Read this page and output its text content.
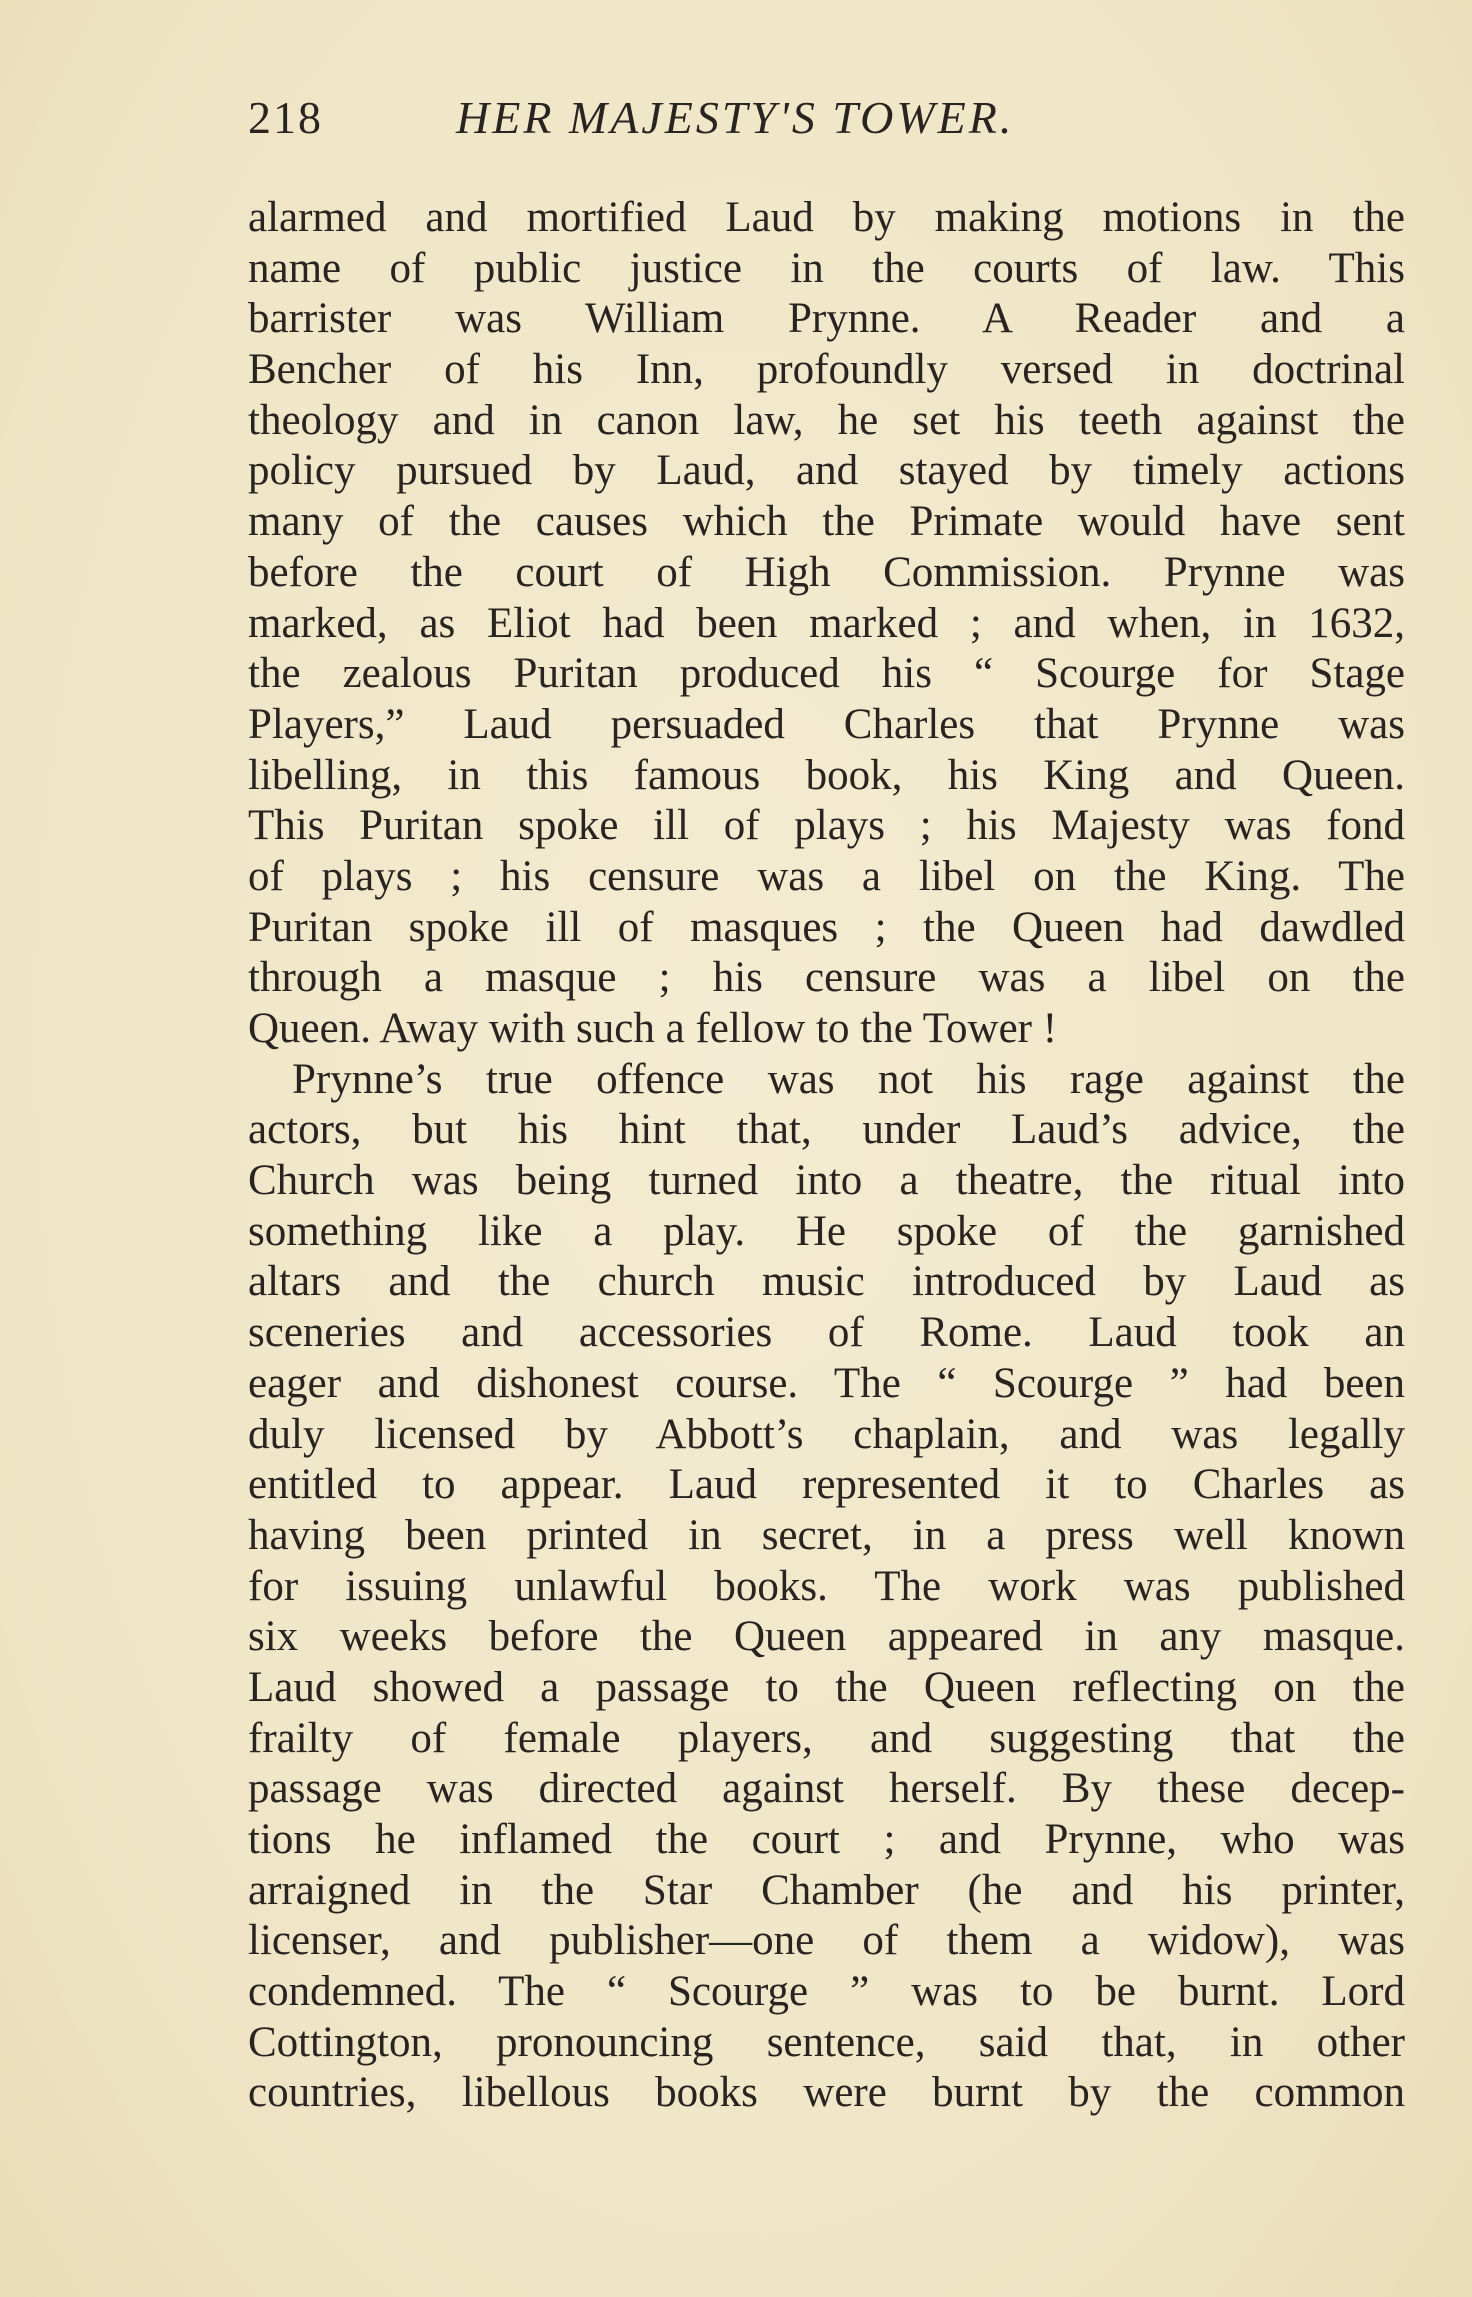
218	HER MAJESTY'S TOWER.
alarmed and mortified Laud by making motions in the
name of public justice in the courts of law. This
barrister was William Prynne. A Reader and a
Bencher of his Inn, profoundly versed in doctrinal
theology and in canon law, he set his teeth against the
policy pursued by Laud, and stayed by timely actions
many of the causes which the Primate would have sent
before the court of High Commission. Prynne was
marked, as Eliot had been marked ; and when, in 1632,
the zealous Puritan produced his “ Scourge for Stage
Players,” Laud persuaded Charles that Prynne was
libelling, in this famous book, his King and Queen.
This Puritan spoke ill of plays ; his Majesty was fond
of plays ; his censure was a libel on the King. The
Puritan spoke ill of masques ; the Queen had dawdled
through a masque ; his censure was a libel on the
Queen. Away with such a fellow to the Tower !
Prynne’s true offence was not his rage against the
actors, but his hint that, under Laud’s advice, the
Church was being turned into a theatre, the ritual into
something like a play. He spoke of the garnished
altars and the church music introduced by Laud as
sceneries and accessories of Rome. Laud took an
eager and dishonest course. The “ Scourge ” had been
duly licensed by Abbott’s chaplain, and was legally
entitled to appear. Laud represented it to Charles as
having been printed in secret, in a press well known
for issuing unlawful books. The work was published
six weeks before the Queen appeared in any masque.
Laud showed a passage to the Queen reflecting on the
frailty of female players, and suggesting that the
passage was directed against herself. By these decep-
tions he inflamed the court ; and Prynne, who was
arraigned in the Star Chamber (he and his printer,
licenser, and publisher—one of them a widow), was
condemned. The “ Scourge ” was to be burnt. Lord
Cottington, pronouncing sentence, said that, in other
countries, libellous books were burnt by the common
